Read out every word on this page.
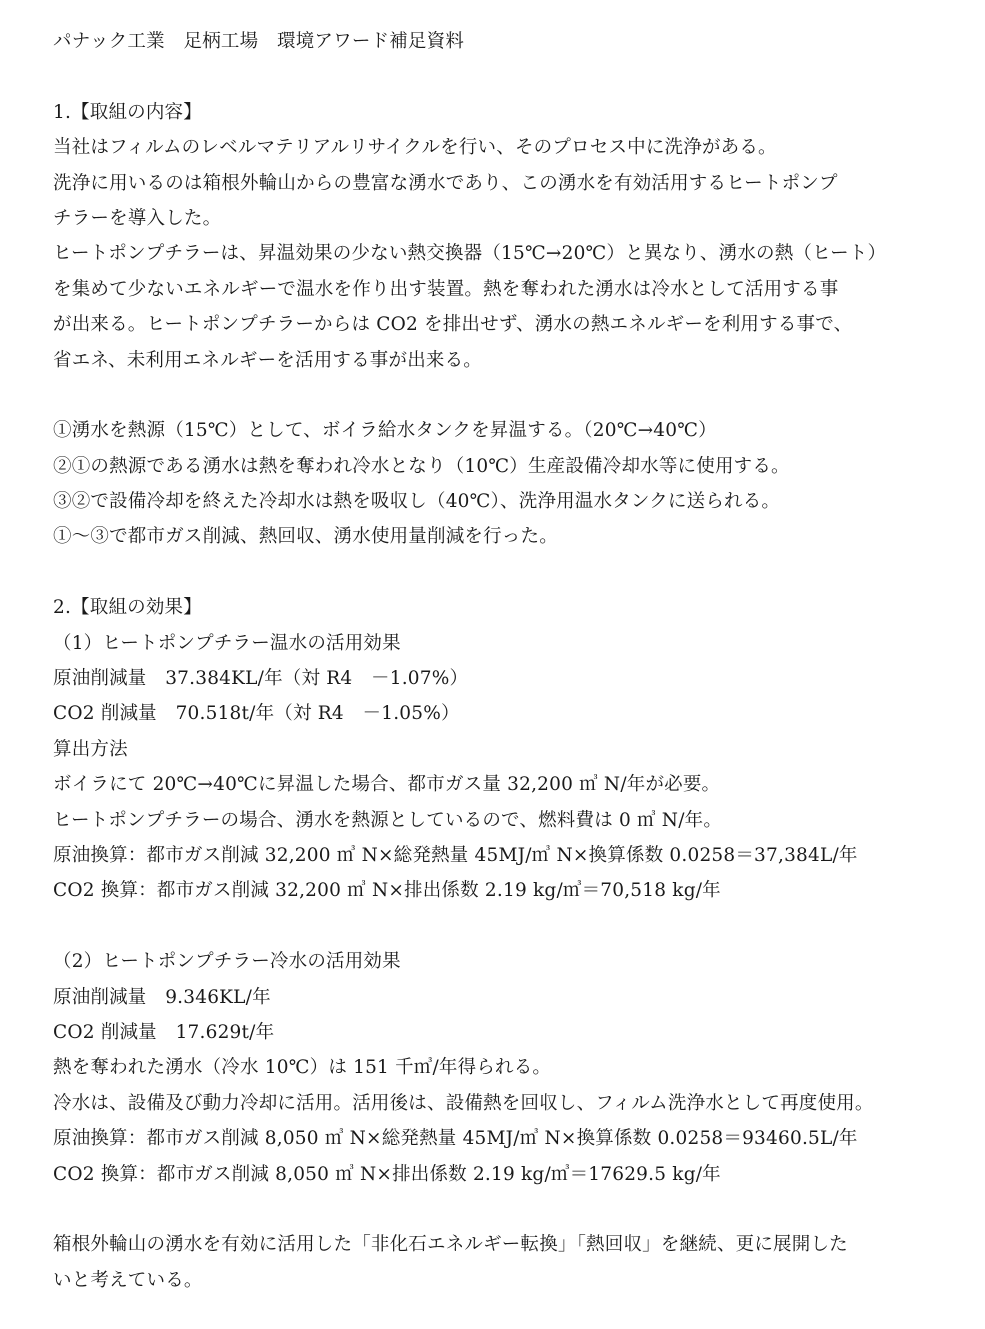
パナック工業　足柄工場　環境アワード補足資料
1.【取組の内容】
当社はフィルムのレベルマテリアルリサイクルを行い、そのプロセス中に洗浄がある。
洗浄に用いるのは箱根外輪山からの豊富な湧水であり、この湧水を有効活用するヒートポンプ
チラーを導入した。
ヒートポンプチラーは、昇温効果の少ない熱交換器（15℃→20℃）と異なり、湧水の熱（ヒート）
を集めて少ないエネルギーで温水を作り出す装置。熱を奪われた湧水は冷水として活用する事
が出来る。ヒートポンプチラーからは CO2 を排出せず、湧水の熱エネルギーを利用する事で、
省エネ、未利用エネルギーを活用する事が出来る。
①湧水を熱源（15℃）として、ボイラ給水タンクを昇温する。（20℃→40℃）
②①の熱源である湧水は熱を奪われ冷水となり（10℃）生産設備冷却水等に使用する。
③②で設備冷却を終えた冷却水は熱を吸収し（40℃）、洗浄用温水タンクに送られる。
①～③で都市ガス削減、熱回収、湧水使用量削減を行った。
2.【取組の効果】
（1）ヒートポンプチラー温水の活用効果
原油削減量　37.384KL/年（対 R4　－1.07%）
CO2 削減量　70.518t/年（対 R4　－1.05%）
算出方法
ボイラにて 20℃→40℃に昇温した場合、都市ガス量 32,200 ㎥ N/年が必要。
ヒートポンプチラーの場合、湧水を熱源としているので、燃料費は 0 ㎥ N/年。
原油換算：都市ガス削減 32,200 ㎥ N×総発熱量 45MJ/㎥ N×換算係数 0.0258＝37,384L/年
CO2 換算：都市ガス削減 32,200 ㎥ N×排出係数 2.19 kg/㎥＝70,518 kg/年
（2）ヒートポンプチラー冷水の活用効果
原油削減量　9.346KL/年
CO2 削減量　17.629t/年
熱を奪われた湧水（冷水 10℃）は 151 千㎥/年得られる。
冷水は、設備及び動力冷却に活用。活用後は、設備熱を回収し、フィルム洗浄水として再度使用。
原油換算：都市ガス削減 8,050 ㎥ N×総発熱量 45MJ/㎥ N×換算係数 0.0258＝93460.5L/年
CO2 換算：都市ガス削減 8,050 ㎥ N×排出係数 2.19 kg/㎥＝17629.5 kg/年
箱根外輪山の湧水を有効に活用した「非化石エネルギー転換」「熱回収」を継続、更に展開した
いと考えている。
